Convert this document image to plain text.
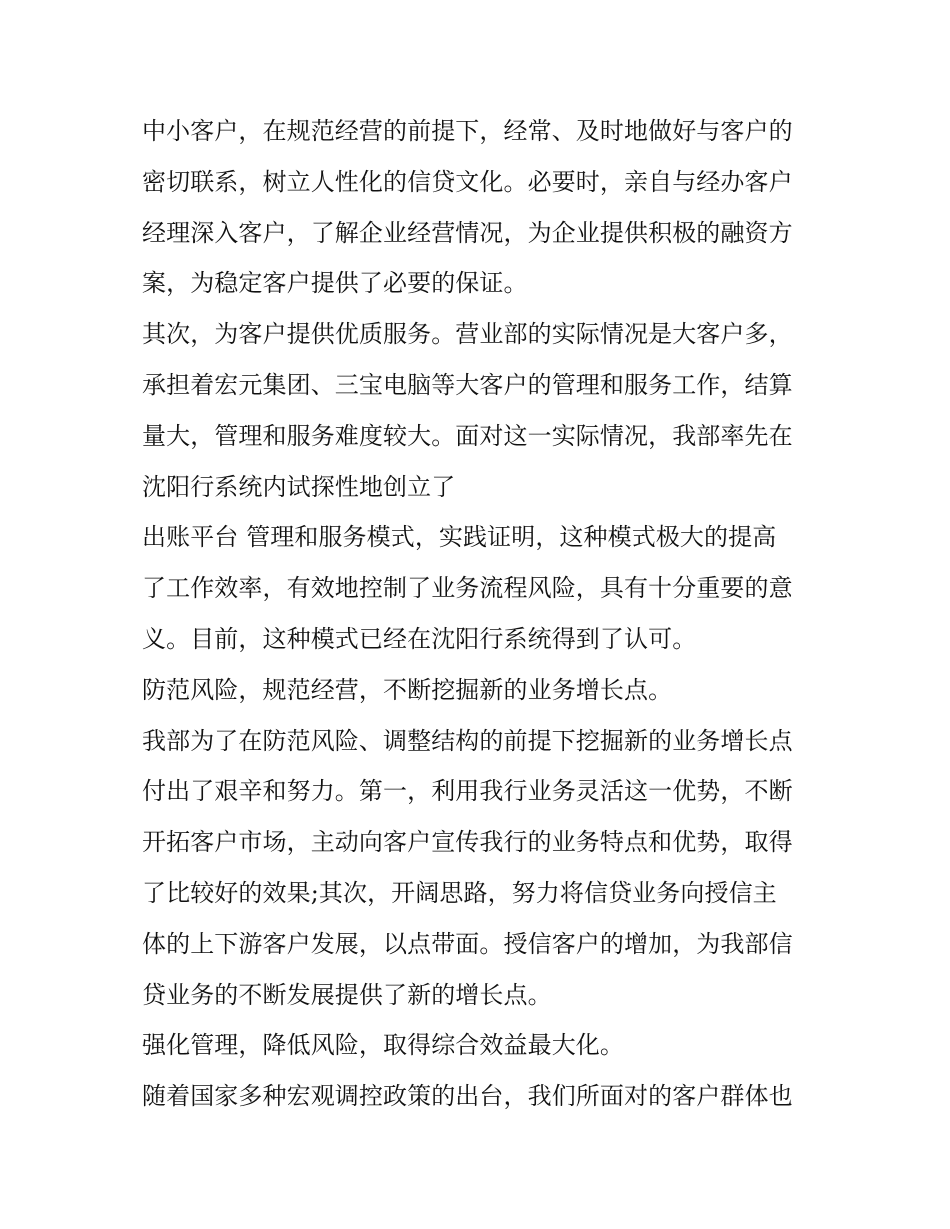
中小客户，在规范经营的前提下，经常、及时地做好与客户的
密切联系，树立人性化的信贷文化。必要时，亲自与经办客户
经理深入客户，了解企业经营情况，为企业提供积极的融资方
案，为稳定客户提供了必要的保证。
其次，为客户提供优质服务。营业部的实际情况是大客户多，
承担着宏元集团、三宝电脑等大客户的管理和服务工作，结算
量大，管理和服务难度较大。面对这一实际情况，我部率先在
沈阳行系统内试探性地创立了
出账平台 管理和服务模式，实践证明，这种模式极大的提高
了工作效率，有效地控制了业务流程风险，具有十分重要的意
义。目前，这种模式已经在沈阳行系统得到了认可。
防范风险，规范经营，不断挖掘新的业务增长点。
我部为了在防范风险、调整结构的前提下挖掘新的业务增长点
付出了艰辛和努力。第一，利用我行业务灵活这一优势，不断
开拓客户市场，主动向客户宣传我行的业务特点和优势，取得
了比较好的效果;其次，开阔思路，努力将信贷业务向授信主
体的上下游客户发展，以点带面。授信客户的增加，为我部信
贷业务的不断发展提供了新的增长点。
强化管理，降低风险，取得综合效益最大化。
随着国家多种宏观调控政策的出台，我们所面对的客户群体也
